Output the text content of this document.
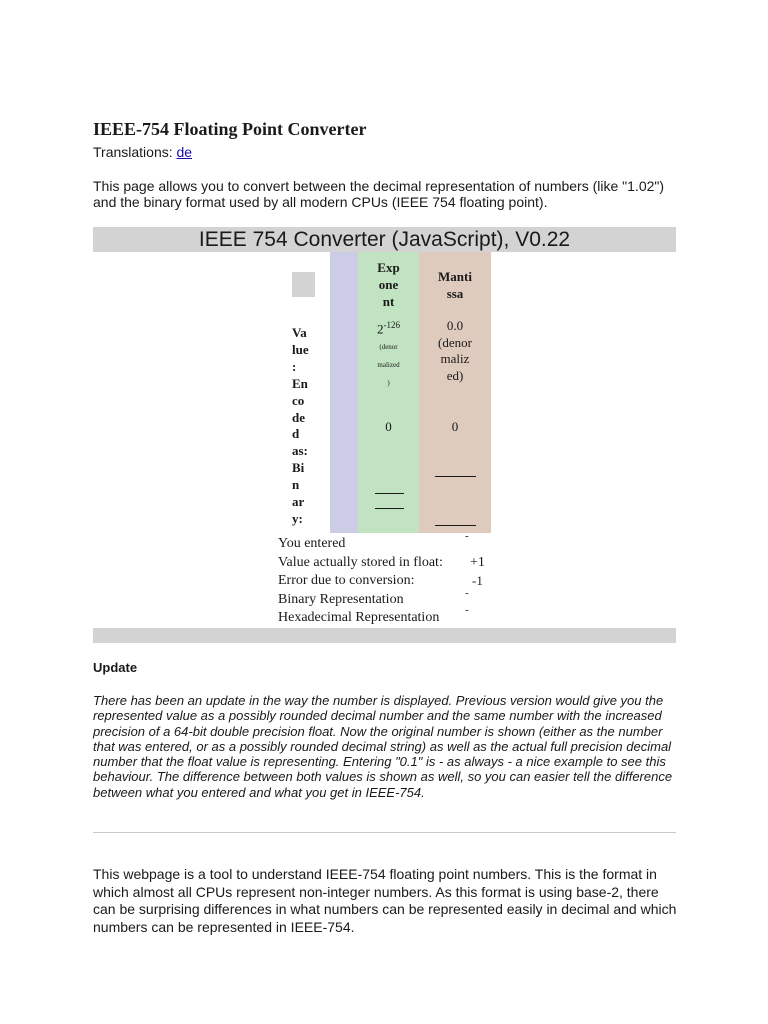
IEEE-754 Floating Point Converter
Translations: de
This page allows you to convert between the decimal representation of numbers (like "1.02") and the binary format used by all modern CPUs (IEEE 754 floating point).
IEEE 754 Converter (JavaScript), V0.22
Exp
one
nt
Manti
ssa
Va
lue
:
En
co
de
d
as:
Bi
n
ar
y:
$2^{-126}$
(denor
malized
)
0.0
(denor
maliz
ed)
0	0
You entered
Value actually stored in float:
Error due to conversion:
Binary Representation
Hexadecimal Representation
-
+1
-1
-
-
Update
There has been an update in the way the number is displayed. Previous version would give you the represented value as a possibly rounded decimal number and the same number with the increased precision of a 64-bit double precision float. Now the original number is shown (either as the number that was entered, or as a possibly rounded decimal string) as well as the actual full precision decimal number that the float value is representing. Entering "0.1" is - as always - a nice example to see this behaviour. The difference between both values is shown as well, so you can easier tell the difference between what you entered and what you get in IEEE-754.
This webpage is a tool to understand IEEE-754 floating point numbers. This is the format in which almost all CPUs represent non-integer numbers. As this format is using base-2, there can be surprising differences in what numbers can be represented easily in decimal and which numbers can be represented in IEEE-754.
